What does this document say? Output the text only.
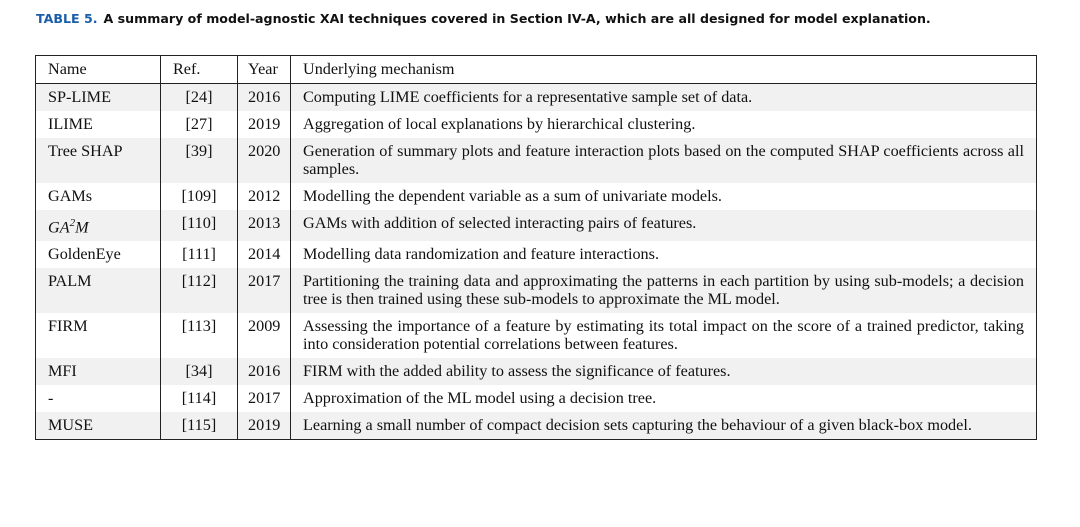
TABLE 5. A summary of model-agnostic XAI techniques covered in Section IV-A, which are all designed for model explanation.
Name	Ref.	Year	Underlying mechanism
SP-LIME	[24]	2016	Computing LIME coefficients for a representative sample set of data.
ILIME	[27]	2019	Aggregation of local explanations by hierarchical clustering.
Tree SHAP	[39]	2020	Generation of summary plots and feature interaction plots based on the computed SHAP coefficients across all samples.
GAMs	[109]	2012	Modelling the dependent variable as a sum of univariate models.
$GA^2M$	[110]	2013	GAMs with addition of selected interacting pairs of features.
GoldenEye	[111]	2014	Modelling data randomization and feature interactions.
PALM	[112]	2017	Partitioning the training data and approximating the patterns in each partition by using sub-models; a decision tree is then trained using these sub-models to approximate the ML model.
FIRM	[113]	2009	Assessing the importance of a feature by estimating its total impact on the score of a trained predictor, taking into consideration potential correlations between features.
MFI	[34]	2016	FIRM with the added ability to assess the significance of features.
-	[114]	2017	Approximation of the ML model using a decision tree.
MUSE	[115]	2019	Learning a small number of compact decision sets capturing the behaviour of a given black-box model.
